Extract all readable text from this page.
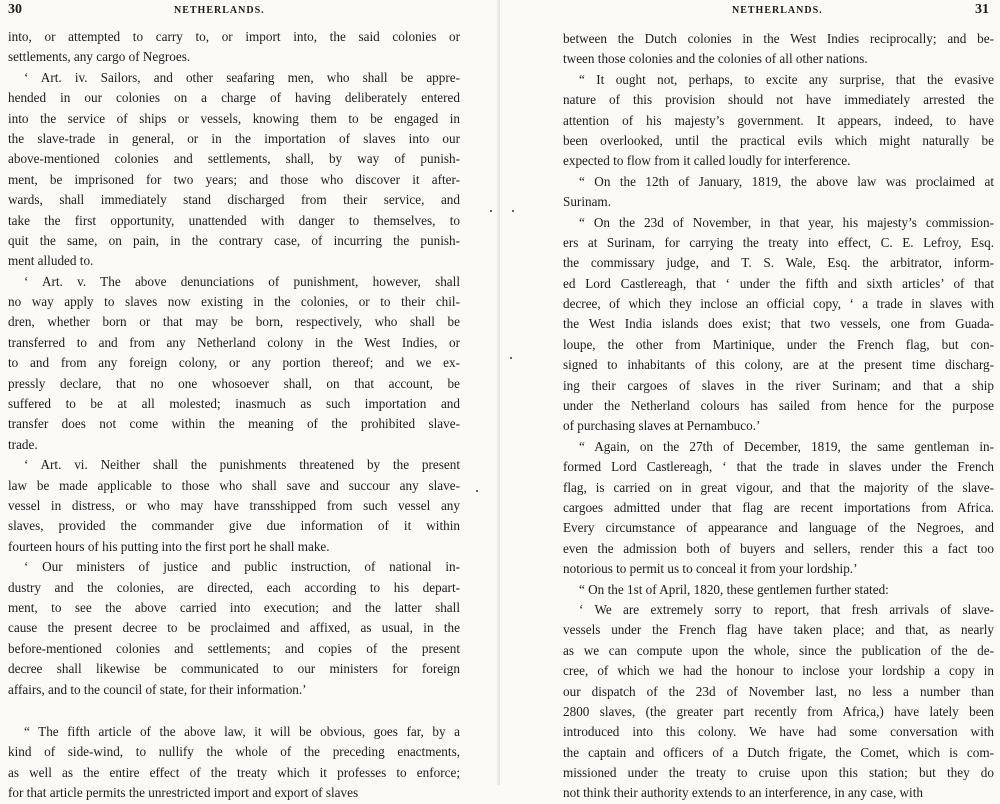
30	NETHERLANDS.
into, or attempted to carry to, or import into, the said colonies or
settlements, any cargo of Negroes.
‘ Art. iv. Sailors, and other seafaring men, who shall be appre-
hended in our colonies on a charge of having deliberately entered
into the service of ships or vessels, knowing them to be engaged in
the slave-trade in general, or in the importation of slaves into our
above-mentioned colonies and settlements, shall, by way of punish-
ment, be imprisoned for two years; and those who discover it after-
wards, shall immediately stand discharged from their service, and
take the first opportunity, unattended with danger to themselves, to
quit the same, on pain, in the contrary case, of incurring the punish-
ment alluded to.
‘ Art. v. The above denunciations of punishment, however, shall
no way apply to slaves now existing in the colonies, or to their chil-
dren, whether born or that may be born, respectively, who shall be
transferred to and from any Netherland colony in the West Indies, or
to and from any foreign colony, or any portion thereof; and we ex-
pressly declare, that no one whosoever shall, on that account, be
suffered to be at all molested; inasmuch as such importation and
transfer does not come within the meaning of the prohibited slave-
trade.
‘ Art. vi. Neither shall the punishments threatened by the present
law be made applicable to those who shall save and succour any slave-
vessel in distress, or who may have transshipped from such vessel any
slaves, provided the commander give due information of it within
fourteen hours of his putting into the first port he shall make.
‘ Our ministers of justice and public instruction, of national in-
dustry and the colonies, are directed, each according to his depart-
ment, to see the above carried into execution; and the latter shall
cause the present decree to be proclaimed and affixed, as usual, in the
before-mentioned colonies and settlements; and copies of the present
decree shall likewise be communicated to our ministers for foreign
affairs, and to the council of state, for their information.’
“ The fifth article of the above law, it will be obvious, goes far, by a
kind of side-wind, to nullify the whole of the preceding enactments,
as well as the entire effect of the treaty which it professes to enforce;
for that article permits the unrestricted import and export of slaves
NETHERLANDS.	31
between the Dutch colonies in the West Indies reciprocally; and be-
tween those colonies and the colonies of all other nations.
“ It ought not, perhaps, to excite any surprise, that the evasive
nature of this provision should not have immediately arrested the
attention of his majesty’s government. It appears, indeed, to have
been overlooked, until the practical evils which might naturally be
expected to flow from it called loudly for interference.
“ On the 12th of January, 1819, the above law was proclaimed at
Surinam.
“ On the 23d of November, in that year, his majesty’s commission-
ers at Surinam, for carrying the treaty into effect, C. E. Lefroy, Esq.
the commissary judge, and T. S. Wale, Esq. the arbitrator, inform-
ed Lord Castlereagh, that ‘ under the fifth and sixth articles’ of that
decree, of which they inclose an official copy, ‘ a trade in slaves with
the West India islands does exist; that two vessels, one from Guada-
loupe, the other from Martinique, under the French flag, but con-
signed to inhabitants of this colony, are at the present time discharg-
ing their cargoes of slaves in the river Surinam; and that a ship
under the Netherland colours has sailed from hence for the purpose
of purchasing slaves at Pernambuco.’
“ Again, on the 27th of December, 1819, the same gentleman in-
formed Lord Castlereagh, ‘ that the trade in slaves under the French
flag, is carried on in great vigour, and that the majority of the slave-
cargoes admitted under that flag are recent importations from Africa.
Every circumstance of appearance and language of the Negroes, and
even the admission both of buyers and sellers, render this a fact too
notorious to permit us to conceal it from your lordship.’
“ On the 1st of April, 1820, these gentlemen further stated:
‘ We are extremely sorry to report, that fresh arrivals of slave-
vessels under the French flag have taken place; and that, as nearly
as we can compute upon the whole, since the publication of the de-
cree, of which we had the honour to inclose your lordship a copy in
our dispatch of the 23d of November last, no less a number than
2800 slaves, (the greater part recently from Africa,) have lately been
introduced into this colony. We have had some conversation with
the captain and officers of a Dutch frigate, the Comet, which is com-
missioned under the treaty to cruise upon this station; but they do
not think their authority extends to an interference, in any case, with
